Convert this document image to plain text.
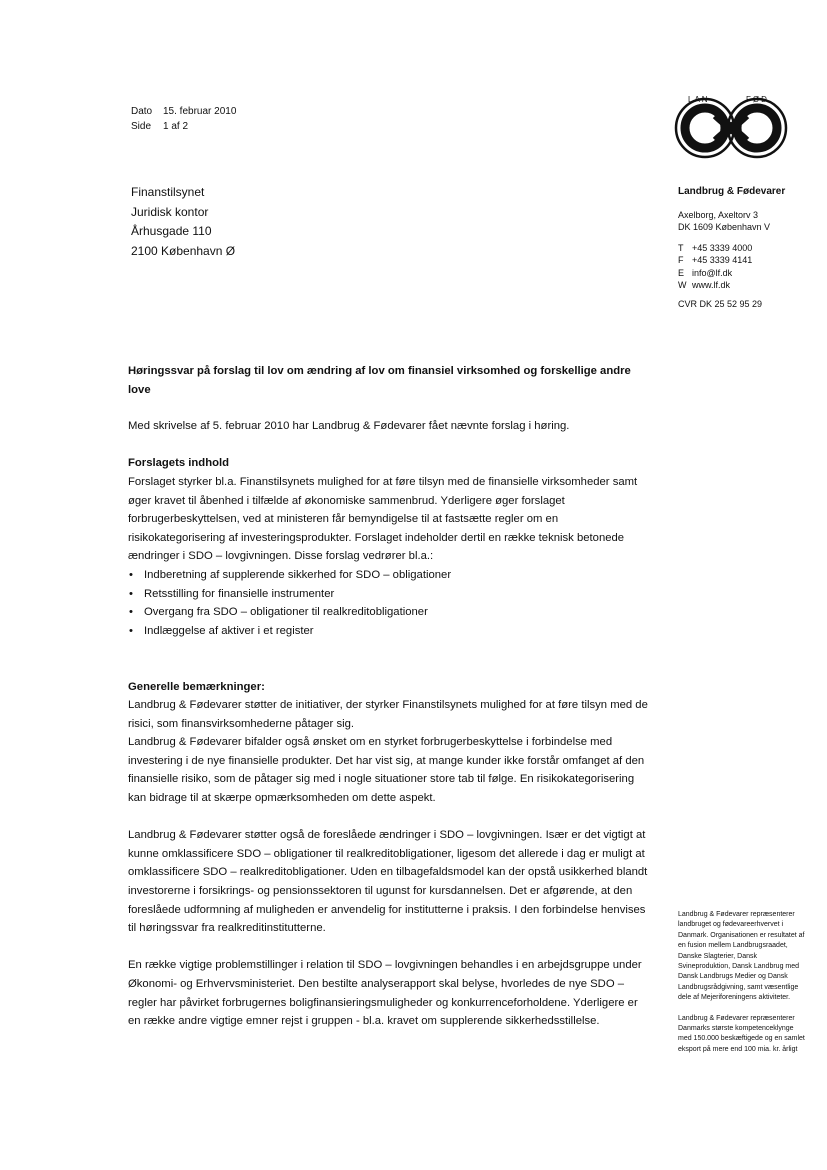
Dato 15. februar 2010
Side 1 af 2
Finanstilsynet
Juridisk kontor
Århusgade 110
2100 København Ø
LAN	FØD
Landbrug & Fødevarer
Axelborg, Axeltorv 3
DK 1609 København V
T +45 3339 4000
F +45 3339 4141
E info@lf.dk
W www.lf.dk
CVR DK 25 52 95 29
Høringssvar på forslag til lov om ændring af lov om finansiel virksomhed og forskellige andre love

Med skrivelse af 5. februar 2010 har Landbrug & Fødevarer fået nævnte forslag i høring.

Forslagets indhold

Forslaget styrker bl.a. Finanstilsynets mulighed for at føre tilsyn med de finansielle virksomheder samt øger kravet til åbenhed i tilfælde af økonomiske sammenbrud. Yderligere øger forslaget forbrugerbeskyttelsen, ved at ministeren får bemyndigelse til at fastsætte regler om en risikokategorisering af investeringsprodukter. Forslaget indeholder dertil en række teknisk betonede ændringer i SDO – lovgivningen. Disse forslag vedrører bl.a.:

• Indberetning af supplerende sikkerhed for SDO – obligationer
• Retsstilling for finansielle instrumenter
• Overgang fra SDO – obligationer til realkreditobligationer
• Indlæggelse af aktiver i et register
Generelle bemærkninger:

Landbrug & Fødevarer støtter de initiativer, der styrker Finanstilsynets mulighed for at føre tilsyn med de risici, som finansvirksomhederne påtager sig.

Landbrug & Fødevarer bifalder også ønsket om en styrket forbrugerbeskyttelse i forbindelse med investering i de nye finansielle produkter. Det har vist sig, at mange kunder ikke forstår omfanget af den finansielle risiko, som de påtager sig med i nogle situationer store tab til følge. En risikokategorisering kan bidrage til at skærpe opmærksomheden om dette aspekt.

Landbrug & Fødevarer støtter også de foreslåede ændringer i SDO – lovgivningen. Især er det vigtigt at kunne omklassificere SDO – obligationer til realkreditobligationer, ligesom det allerede i dag er muligt at omklassificere SDO – realkreditobligationer. Uden en tilbagefaldsmodel kan der opstå usikkerhed blandt investorerne i forsikrings- og pensionssektoren til ugunst for kursdannelsen. Det er afgørende, at den foreslåede udformning af muligheden er anvendelig for institutterne i praksis. I den forbindelse henvises til høringssvar fra realkreditinstitutterne.

En række vigtige problemstillinger i relation til SDO – lovgivningen behandles i en arbejdsgruppe under Økonomi- og Erhvervsministeriet. Den bestilte analyserapport skal belyse, hvorledes de nye SDO – regler har påvirket forbrugernes boligfinansieringsmuligheder og konkurrenceforholdene. Yderligere er en række andre vigtige emner rejst i gruppen - bl.a. kravet om supplerende sikkerhedsstillelse.

Landbrug & Fødevarer repræsenterer landbruget og fødevareerhvervet i Danmark. Organisationen er resultatet af en fusion mellem Landbrugsraadet, Danske Slagterier, Dansk Svineproduktion, Dansk Landbrug med Dansk Landbrugs Medier og Dansk Landbrugsrådgivning, samt væsentlige dele af Mejeriforeningens aktiviteter.

Landbrug & Fødevarer repræsenterer Danmarks største kompetenceklynge med 150.000 beskæftigede og en samlet eksport på mere end 100 mia. kr. årligt
